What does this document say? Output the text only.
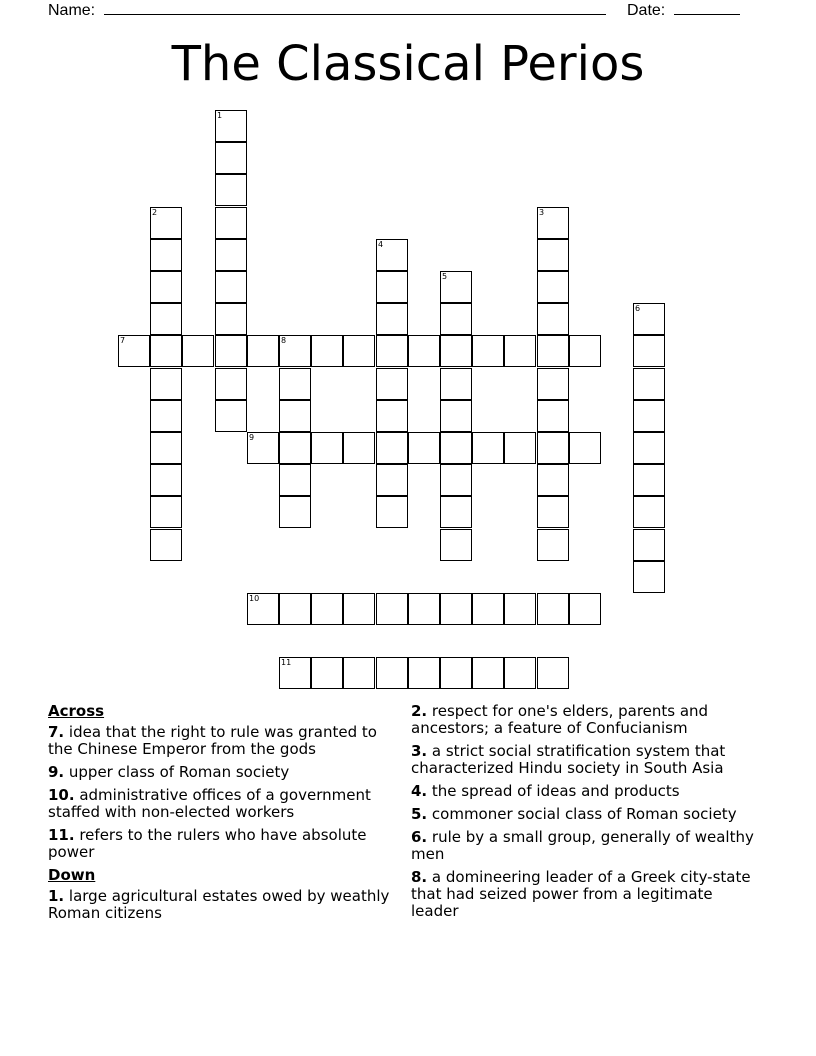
Name:	Date:
The Classical Perios
1
2	3
4
5
6
7	8
9
10
11
Across
7. idea that the right to rule was granted to the Chinese Emperor from the gods
9. upper class of Roman society
10. administrative offices of a government staffed with non-elected workers
11. refers to the rulers who have absolute power
Down
1. large agricultural estates owed by weathly Roman citizens
2. respect for one's elders, parents and ancestors; a feature of Confucianism
3. a strict social stratification system that characterized Hindu society in South Asia
4. the spread of ideas and products
5. commoner social class of Roman society
6. rule by a small group, generally of wealthy men
8. a domineering leader of a Greek city-state that had seized power from a legitimate leader
